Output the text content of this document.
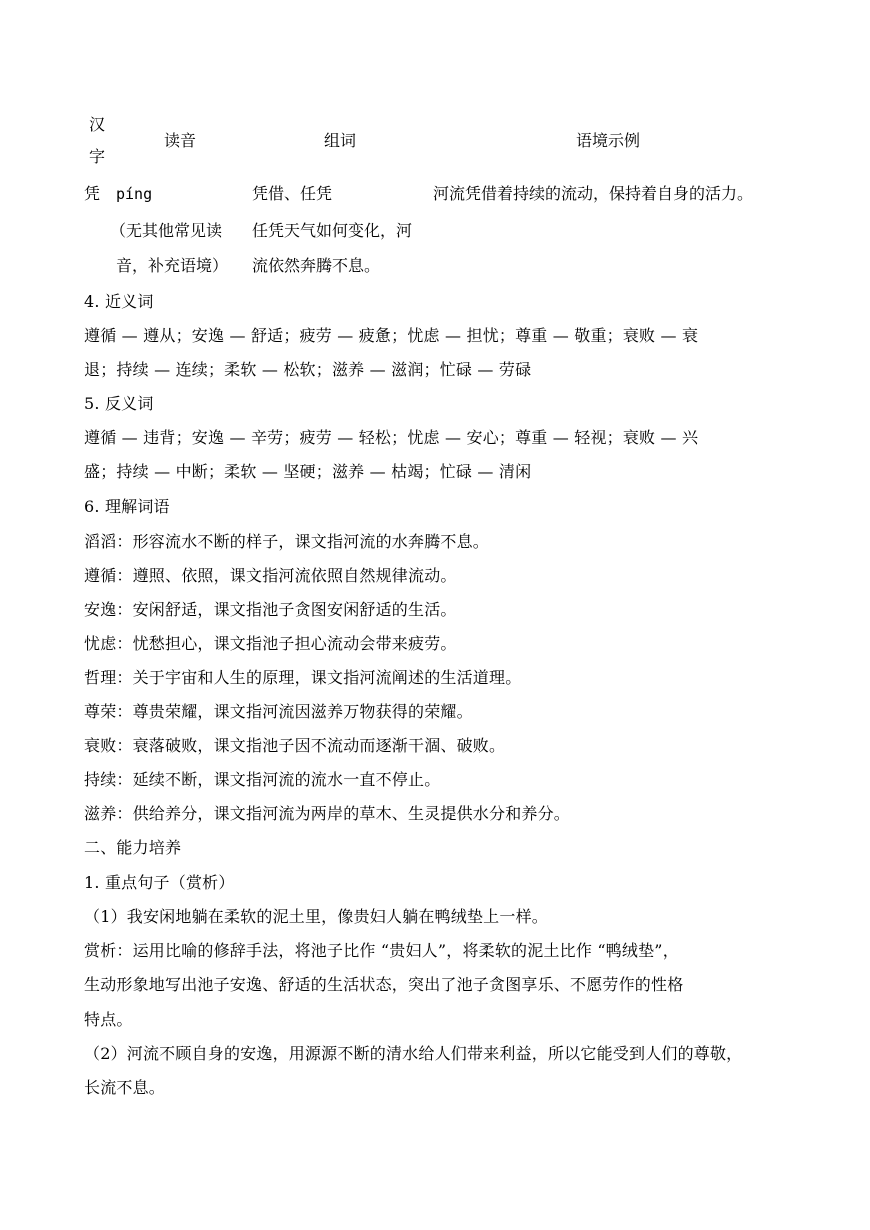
汉
字
读音	组词	语境示例
凭 píng
（无其他常见读
音，补充语境）
凭借、任凭
任凭天气如何变化，河
流依然奔腾不息。
河流凭借着持续的流动，保持着自身的活力。
4. 近义词
遵循 — 遵从；安逸 — 舒适；疲劳 — 疲惫；忧虑 — 担忧；尊重 — 敬重；衰败 — 衰
退；持续 — 连续；柔软 — 松软；滋养 — 滋润；忙碌 — 劳碌
5. 反义词
遵循 — 违背；安逸 — 辛劳；疲劳 — 轻松；忧虑 — 安心；尊重 — 轻视；衰败 — 兴
盛；持续 — 中断；柔软 — 坚硬；滋养 — 枯竭；忙碌 — 清闲
6. 理解词语
滔滔：形容流水不断的样子，课文指河流的水奔腾不息。
遵循：遵照、依照，课文指河流依照自然规律流动。
安逸：安闲舒适，课文指池子贪图安闲舒适的生活。
忧虑：忧愁担心，课文指池子担心流动会带来疲劳。
哲理：关于宇宙和人生的原理，课文指河流阐述的生活道理。
尊荣：尊贵荣耀，课文指河流因滋养万物获得的荣耀。
衰败：衰落破败，课文指池子因不流动而逐渐干涸、破败。
持续：延续不断，课文指河流的流水一直不停止。
滋养：供给养分，课文指河流为两岸的草木、生灵提供水分和养分。
二、能力培养
1. 重点句子（赏析）
（1）我安闲地躺在柔软的泥土里，像贵妇人躺在鸭绒垫上一样。
赏析：运用比喻的修辞手法，将池子比作 “贵妇人”，将柔软的泥土比作 “鸭绒垫”，
生动形象地写出池子安逸、舒适的生活状态，突出了池子贪图享乐、不愿劳作的性格
特点。
（2）河流不顾自身的安逸，用源源不断的清水给人们带来利益，所以它能受到人们的尊敬，
长流不息。
